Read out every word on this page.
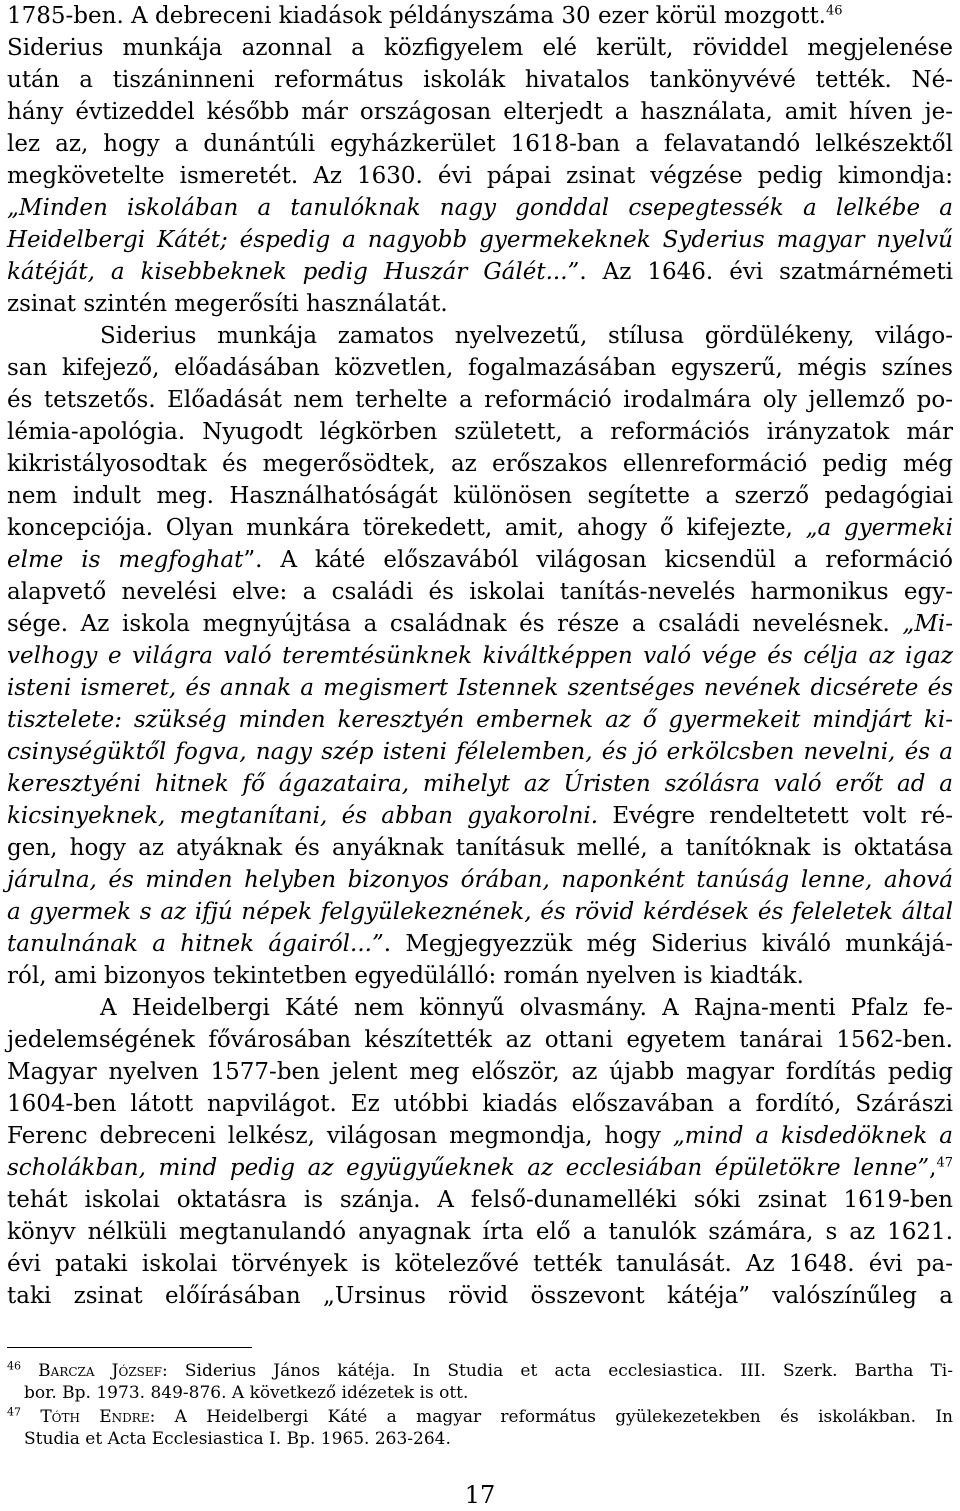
1785-ben. A debreceni kiadások példányszáma 30 ezer körül mozgott.$^{46}$
Siderius munkája azonnal a közfigyelem elé került, röviddel megjelenése
után a tiszáninneni református iskolák hivatalos tankönyvévé tették. Né-
hány évtizeddel később már országosan elterjedt a használata, amit híven je-
lez az, hogy a dunántúli egyházkerület 1618-ban a felavatandó lelkészektől
megkövetelte ismeretét. Az 1630. évi pápai zsinat végzése pedig kimondja:
„Minden iskolában a tanulóknak nagy gonddal csepegtessék a lelkébe a
Heidelbergi Kátét; éspedig a nagyobb gyermekeknek Syderius magyar nyelvű
kátéját, a kisebbeknek pedig Huszár Gálét...”. Az 1646. évi szatmárnémeti
zsinat szintén megerősíti használatát.
Siderius munkája zamatos nyelvezetű, stílusa gördülékeny, világo-
san kifejező, előadásában közvetlen, fogalmazásában egyszerű, mégis színes
és tetszetős. Előadását nem terhelte a reformáció irodalmára oly jellemző po-
lémia-apológia. Nyugodt légkörben született, a reformációs irányzatok már
kikristályosodtak és megerősödtek, az erőszakos ellenreformáció pedig még
nem indult meg. Használhatóságát különösen segítette a szerző pedagógiai
koncepciója. Olyan munkára törekedett, amit, ahogy ő kifejezte, „a gyermeki
elme is megfoghat”. A káté előszavából világosan kicsendül a reformáció
alapvető nevelési elve: a családi és iskolai tanítás-nevelés harmonikus egy-
sége. Az iskola megnyújtása a családnak és része a családi nevelésnek. „Mi-
velhogy e világra való teremtésünknek kiváltképpen való vége és célja az igaz
isteni ismeret, és annak a megismert Istennek szentséges nevének dicsérete és
tisztelete: szükség minden keresztyén embernek az ő gyermekeit mindjárt ki-
csinységüktől fogva, nagy szép isteni félelemben, és jó erkölcsben nevelni, és a
keresztyéni hitnek fő ágazataira, mihelyt az Úristen szólásra való erőt ad a
kicsinyeknek, megtanítani, és abban gyakorolni. Evégre rendeltetett volt ré-
gen, hogy az atyáknak és anyáknak tanításuk mellé, a tanítóknak is oktatása
járulna, és minden helyben bizonyos órában, naponként tanúság lenne, ahová
a gyermek s az ifjú népek felgyülekeznének, és rövid kérdések és feleletek által
tanulnának a hitnek ágairól...”. Megjegyezzük még Siderius kiváló munkájá-
ról, ami bizonyos tekintetben egyedülálló: román nyelven is kiadták.
A Heidelbergi Káté nem könnyű olvasmány. A Rajna-menti Pfalz fe-
jedelemségének fővárosában készítették az ottani egyetem tanárai 1562-ben.
Magyar nyelven 1577-ben jelent meg először, az újabb magyar fordítás pedig
1604-ben látott napvilágot. Ez utóbbi kiadás előszavában a fordító, Szárászi
Ferenc debreceni lelkész, világosan megmondja, hogy „mind a kisdedöknek a
scholákban, mind pedig az együgyűeknek az ecclesiában épületökre lenne”,$^{47}$
tehát iskolai oktatásra is szánja. A felső-dunamelléki sóki zsinat 1619-ben
könyv nélküli megtanulandó anyagnak írta elő a tanulók számára, s az 1621.
évi pataki iskolai törvények is kötelezővé tették tanulását. Az 1648. évi pa-
taki zsinat előírásában „Ursinus rövid összevont kátéja” valószínűleg a
$^{46}$ Barcza József: Siderius János kátéja. In Studia et acta ecclesiastica. III. Szerk. Bartha Ti-
bor. Bp. 1973. 849-876. A következő idézetek is ott.
$^{47}$ Tóth Endre: A Heidelbergi Káté a magyar református gyülekezetekben és iskolákban. In
Studia et Acta Ecclesiastica I. Bp. 1965. 263-264.
17
